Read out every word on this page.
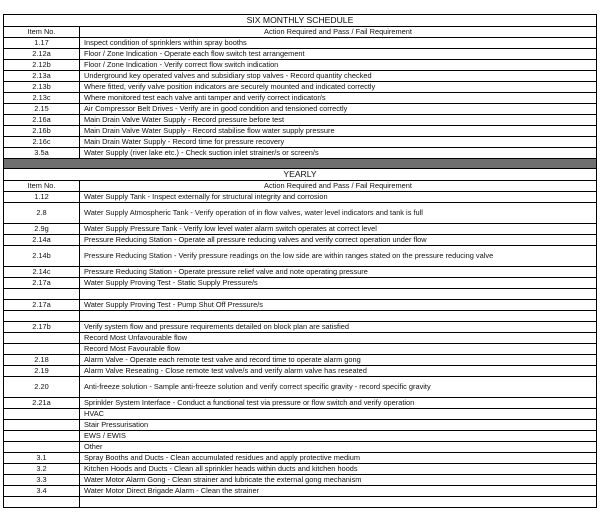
SIX MONTHLY SCHEDULE	
Item No.	Action Required and Pass / Fail Requirement
1.17	Inspect condition of sprinklers within spray booths
2.12a	Floor / Zone Indication - Operate each flow switch test arrangement
2.12b	Floor / Zone Indication - Verify correct flow switch indication
2.13a	Underground key operated valves and subsidiary stop valves - Record quantity checked
2.13b	Where fitted, verify valve position indicators are securely mounted and indicated correctly
2.13c	Where monitored test each valve anti tamper and verify correct indicator/s
2.15	Air Compressor Belt Drives - Verify are in good condition and tensioned correctly
2.16a	Main Drain Valve Water Supply - Record pressure before test
2.16b	Main Drain Valve Water Supply - Record stabilise flow water supply pressure
2.16c	Main Drain Water Supply - Record time for pressure recovery
3.5a	Water Supply (river lake etc.) - Check suction inlet strainer/s or screen/s

YEARLY	
Item No.	Action Required and Pass / Fail Requirement
1.12	Water Supply Tank - Inspect externally for structural integrity and corrosion
2.8	Water Supply Atmospheric Tank - Verify operation of in flow valves, water level indicators and tank is full
2.9g	Water Supply Pressure Tank - Verify low level water alarm switch operates at correct level
2.14a	Pressure Reducing Station - Operate all pressure reducing valves and verify correct operation under flow
2.14b	Pressure Reducing Station - Verify pressure readings on the low side are within ranges stated on the pressure reducing valve
2.14c	Pressure Reducing Station - Operate pressure relief valve and note operating pressure
2.17a	Water Supply Proving Test - Static Supply Pressure/s

2.17a	Water Supply Proving Test - Pump Shut Off Pressure/s

2.17b	Verify system flow and pressure requirements detailed on block plan are satisfied
	Record Most Unfavourable flow
	Record Most Favourable flow
2.18	Alarm Valve - Operate each remote test valve and record time to operate alarm gong
2.19	Alarm Valve Reseating - Close remote test valve/s and verify alarm valve has reseated
2.20	Anti-freeze solution - Sample anti-freeze solution and verify correct specific gravity - record specific gravity
2.21a	Sprinkler System Interface - Conduct a functional test via pressure or flow switch and verify operation
	HVAC
	Stair Pressurisation
	EWS / EWIS
	Other
3.1	Spray Booths and Ducts - Clean accumulated residues and apply protective medium
3.2	Kitchen Hoods and Ducts - Clean all sprinkler heads within ducts and kitchen hoods
3.3	Water Motor Alarm Gong - Clean strainer and lubricate the external gong mechanism
3.4	Water Motor Direct Brigade Alarm - Clean the strainer
